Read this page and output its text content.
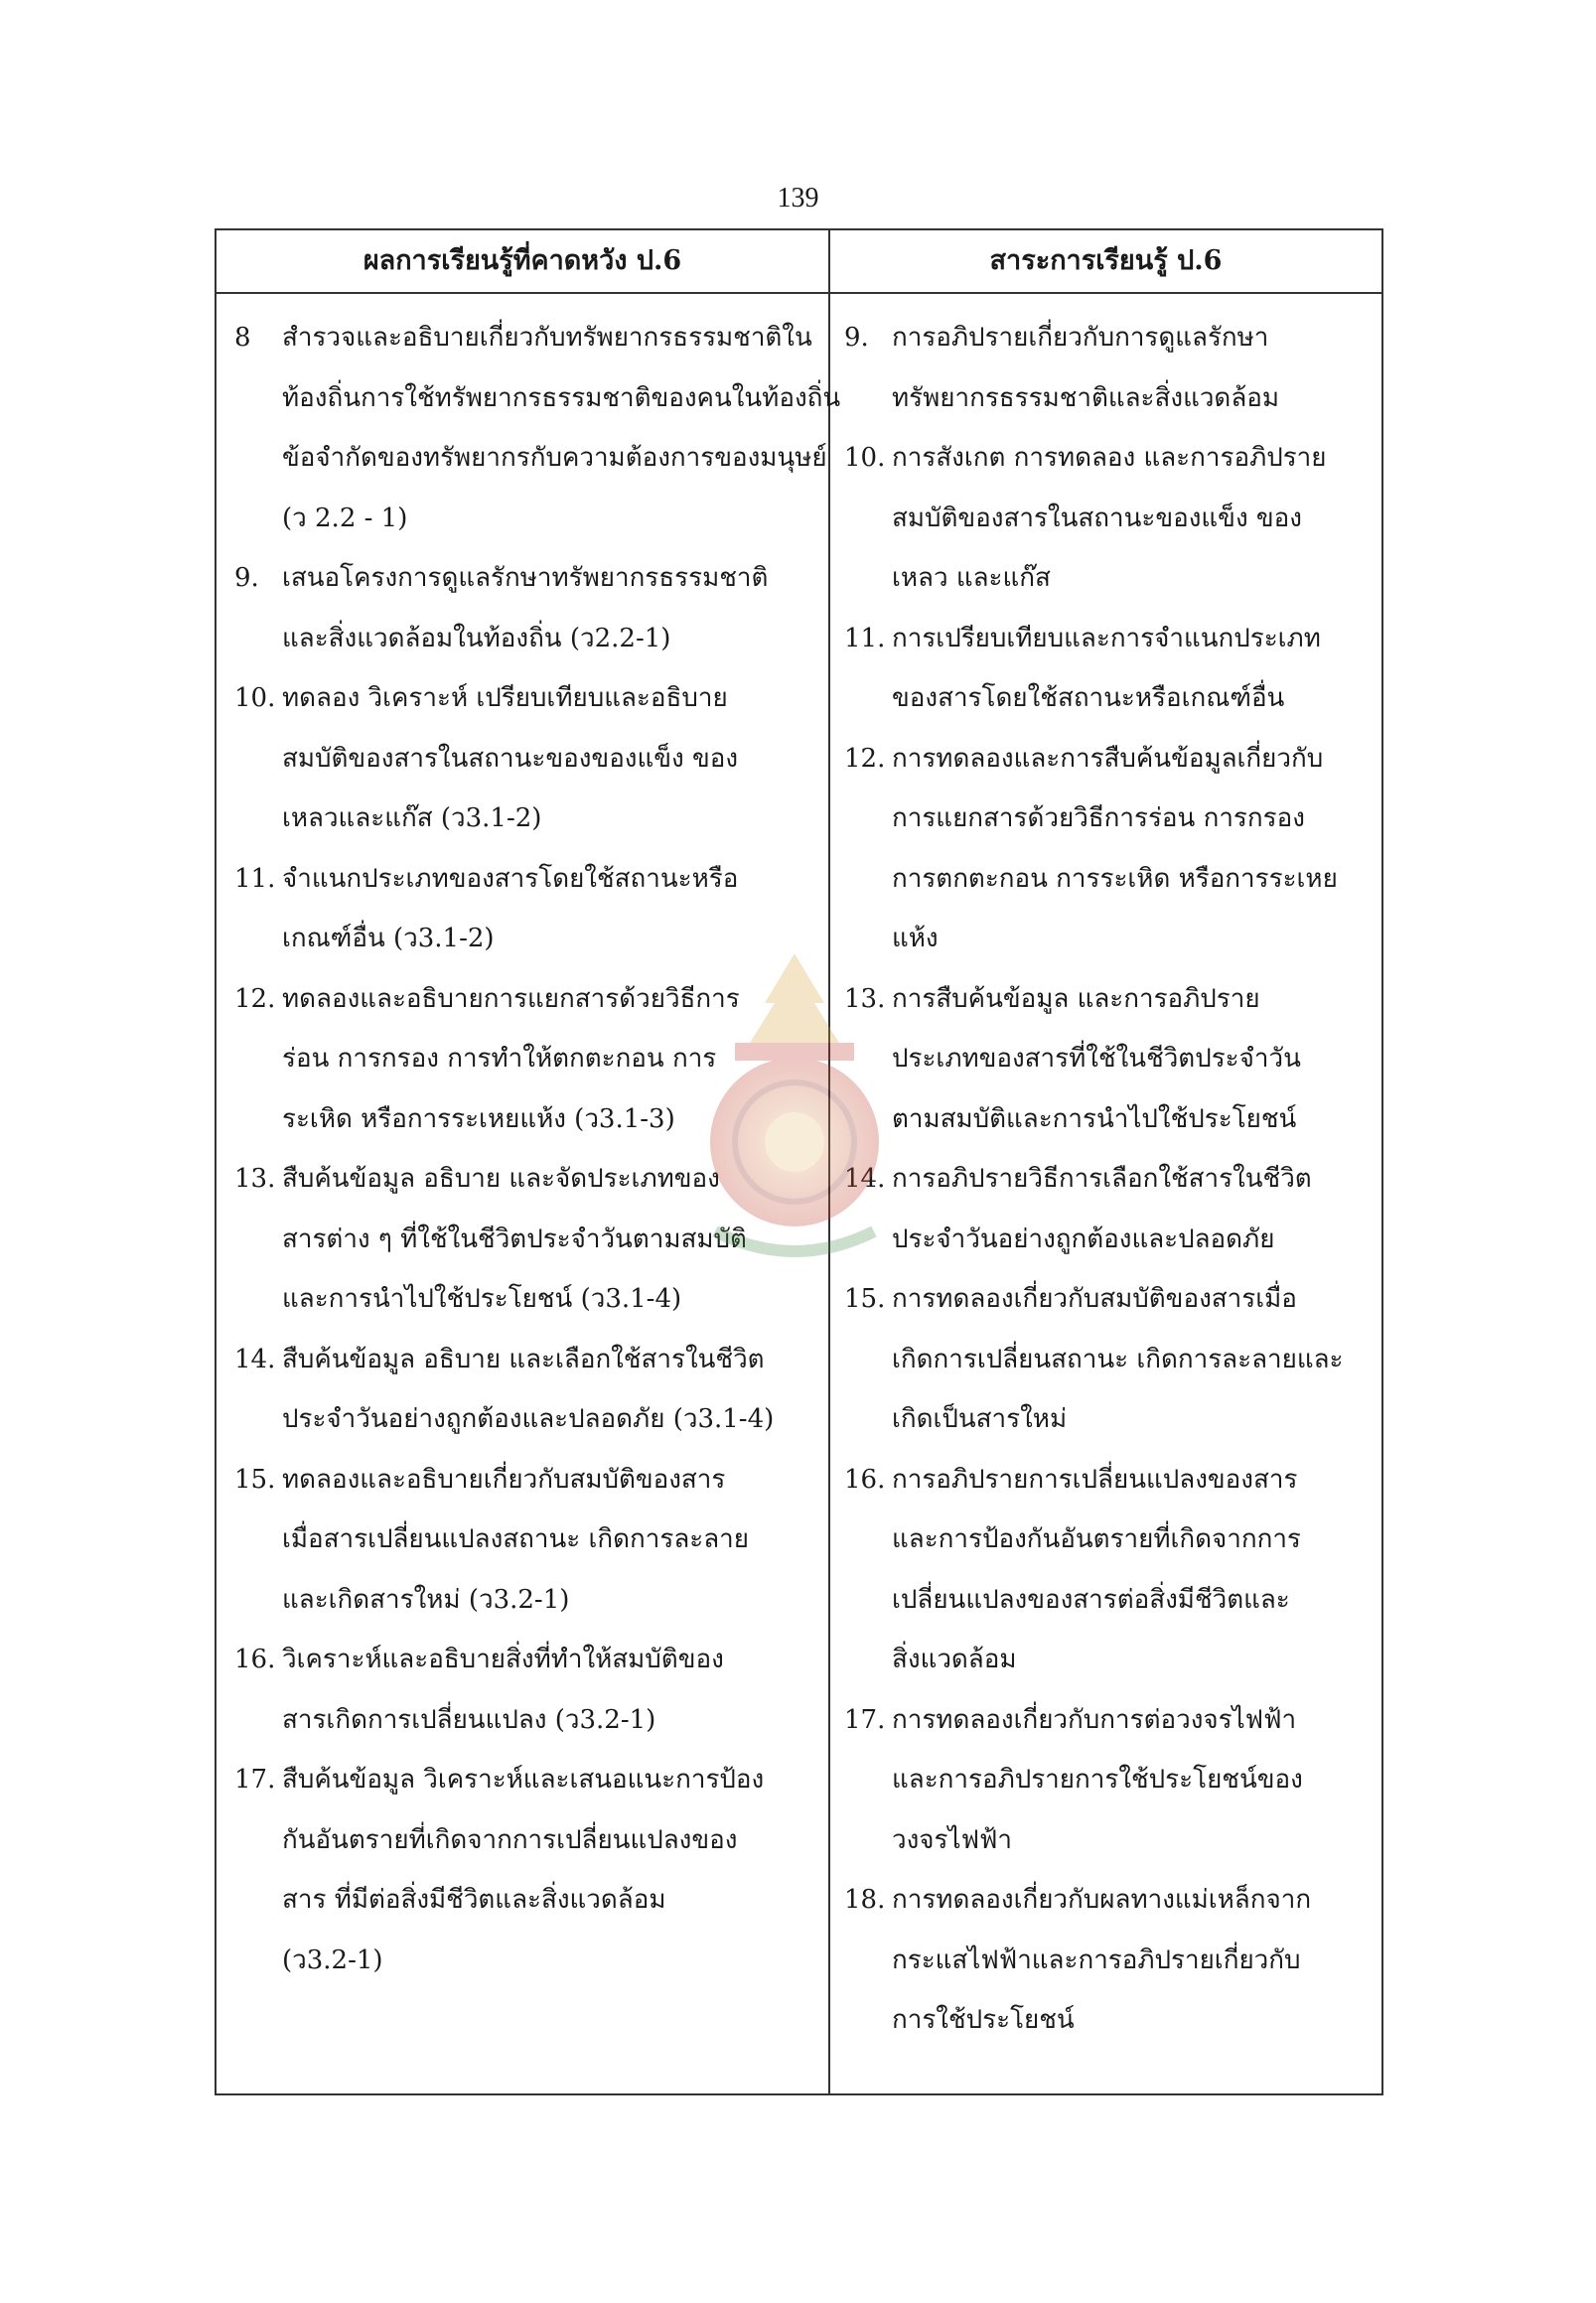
139
ผลการเรียนรู้ที่คาดหวัง ป.6	สาระการเรียนรู้ ป.6
8	สำรวจและอธิบายเกี่ยวกับทรัพยากรธรรมชาติใน
ท้องถิ่นการใช้ทรัพยากรธรรมชาติของคนในท้องถิ่น
ข้อจำกัดของทรัพยากรกับความต้องการของมนุษย์
(ว 2.2 - 1)
9. เสนอโครงการดูแลรักษาทรัพยากรธรรมชาติ
และสิ่งแวดล้อมในท้องถิ่น (ว2.2-1)
10. ทดลอง วิเคราะห์ เปรียบเทียบและอธิบาย
สมบัติของสารในสถานะของของแข็ง ของ
เหลวและแก๊ส (ว3.1-2)
11. จำแนกประเภทของสารโดยใช้สถานะหรือ
เกณฑ์อื่น (ว3.1-2)
12. ทดลองและอธิบายการแยกสารด้วยวิธีการ
ร่อน การกรอง การทำให้ตกตะกอน การ
ระเหิด หรือการระเหยแห้ง (ว3.1-3)
13. สืบค้นข้อมูล อธิบาย และจัดประเภทของ
สารต่าง ๆ ที่ใช้ในชีวิตประจำวันตามสมบัติ
และการนำไปใช้ประโยชน์ (ว3.1-4)
14. สืบค้นข้อมูล อธิบาย และเลือกใช้สารในชีวิต
ประจำวันอย่างถูกต้องและปลอดภัย (ว3.1-4)
15. ทดลองและอธิบายเกี่ยวกับสมบัติของสาร
เมื่อสารเปลี่ยนแปลงสถานะ เกิดการละลาย
และเกิดสารใหม่ (ว3.2-1)
16. วิเคราะห์และอธิบายสิ่งที่ทำให้สมบัติของ
สารเกิดการเปลี่ยนแปลง (ว3.2-1)
17. สืบค้นข้อมูล วิเคราะห์และเสนอแนะการป้อง
กันอันตรายที่เกิดจากการเปลี่ยนแปลงของ
สาร ที่มีต่อสิ่งมีชีวิตและสิ่งแวดล้อม
(ว3.2-1)
9. การอภิปรายเกี่ยวกับการดูแลรักษา
ทรัพยากรธรรมชาติและสิ่งแวดล้อม
10. การสังเกต การทดลอง และการอภิปราย
สมบัติของสารในสถานะของแข็ง ของ
เหลว และแก๊ส
11. การเปรียบเทียบและการจำแนกประเภท
ของสารโดยใช้สถานะหรือเกณฑ์อื่น
12. การทดลองและการสืบค้นข้อมูลเกี่ยวกับ
การแยกสารด้วยวิธีการร่อน การกรอง
การตกตะกอน การระเหิด หรือการระเหย
แห้ง
13. การสืบค้นข้อมูล และการอภิปราย
ประเภทของสารที่ใช้ในชีวิตประจำวัน
ตามสมบัติและการนำไปใช้ประโยชน์
14. การอภิปรายวิธีการเลือกใช้สารในชีวิต
ประจำวันอย่างถูกต้องและปลอดภัย
15. การทดลองเกี่ยวกับสมบัติของสารเมื่อ
เกิดการเปลี่ยนสถานะ เกิดการละลายและ
เกิดเป็นสารใหม่
16. การอภิปรายการเปลี่ยนแปลงของสาร
และการป้องกันอันตรายที่เกิดจากการ
เปลี่ยนแปลงของสารต่อสิ่งมีชีวิตและ
สิ่งแวดล้อม
17. การทดลองเกี่ยวกับการต่อวงจรไฟฟ้า
และการอภิปรายการใช้ประโยชน์ของ
วงจรไฟฟ้า
18. การทดลองเกี่ยวกับผลทางแม่เหล็กจาก
กระแสไฟฟ้าและการอภิปรายเกี่ยวกับ
การใช้ประโยชน์
